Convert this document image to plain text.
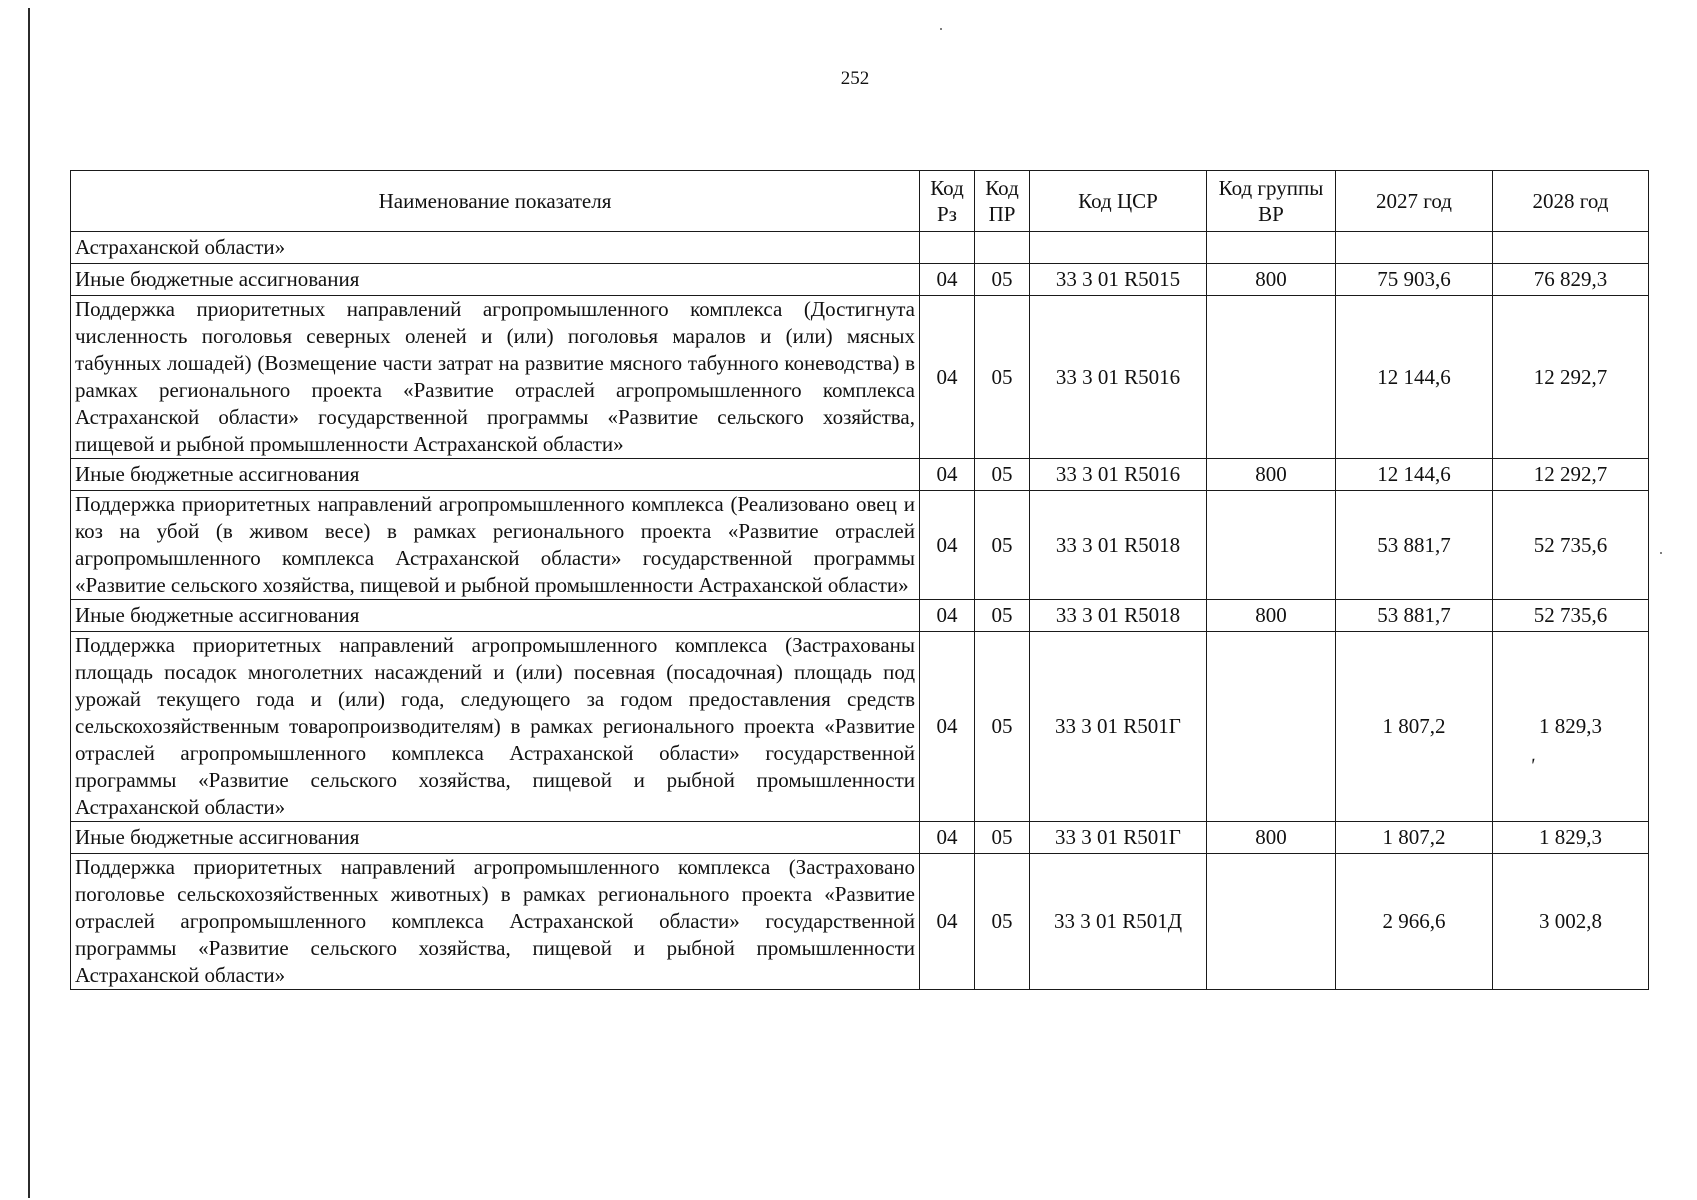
252
Наименование показателя	Код Рз	Код ПР	Код ЦСР	Код группы ВР	2027 год	2028 год
Астраханской области»						
Иные бюджетные ассигнования	04	05	33 3 01 R5015	800	75 903,6	76 829,3
Поддержка приоритетных направлений агропромышленного комплекса (Достигнута численность поголовья северных оленей и (или) поголовья маралов и (или) мясных табунных лошадей) (Возмещение части затрат на развитие мясного табунного коневодства) в рамках регионального проекта «Развитие отраслей агропромышленного комплекса Астраханской области» государственной программы «Развитие сельского хозяйства, пищевой и рыбной промышленности Астраханской области»	04	05	33 3 01 R5016		12 144,6	12 292,7
Иные бюджетные ассигнования	04	05	33 3 01 R5016	800	12 144,6	12 292,7
Поддержка приоритетных направлений агропромышленного комплекса (Реализовано овец и коз на убой (в живом весе) в рамках регионального проекта «Развитие отраслей агропромышленного комплекса Астраханской области» государственной программы «Развитие сельского хозяйства, пищевой и рыбной промышленности Астраханской области»	04	05	33 3 01 R5018		53 881,7	52 735,6
Иные бюджетные ассигнования	04	05	33 3 01 R5018	800	53 881,7	52 735,6
Поддержка приоритетных направлений агропромышленного комплекса (Застрахованы площадь посадок многолетних насаждений и (или) посевная (посадочная) площадь под урожай текущего года и (или) года, следующего за годом предоставления средств сельскохозяйственным товаропроизводителям) в рамках регионального проекта «Развитие отраслей агропромышленного комплекса Астраханской области» государственной программы «Развитие сельского хозяйства, пищевой и рыбной промышленности Астраханской области»	04	05	33 3 01 R501Г		1 807,2	1 829,3
Иные бюджетные ассигнования	04	05	33 3 01 R501Г	800	1 807,2	1 829,3
Поддержка приоритетных направлений агропромышленного комплекса (Застраховано поголовье сельскохозяйственных животных) в рамках регионального проекта «Развитие отраслей агропромышленного комплекса Астраханской области» государственной программы «Развитие сельского хозяйства, пищевой и рыбной промышленности Астраханской области»	04	05	33 3 01 R501Д		2 966,6	3 002,8
ʹ
